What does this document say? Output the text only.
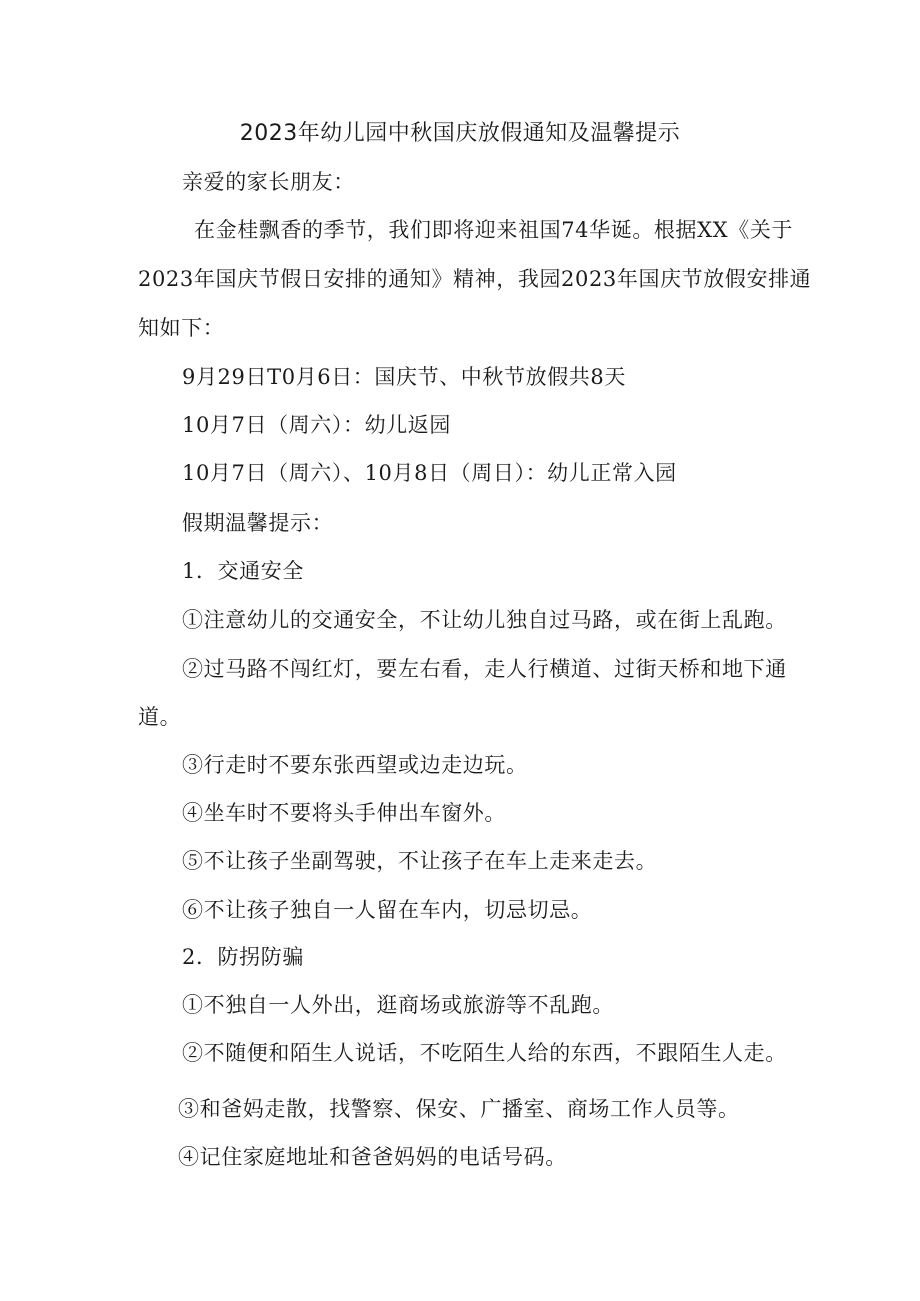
2023年幼儿园中秋国庆放假通知及温馨提示
亲爱的家长朋友：
在金桂飘香的季节，我们即将迎来祖国74华诞。根据XX《关于
2023年国庆节假日安排的通知》精神，我园2023年国庆节放假安排通
知如下：
9月29日T0月6日：国庆节、中秋节放假共8天
10月7日（周六）：幼儿返园
10月7日（周六）、10月8日（周日）：幼儿正常入园
假期温馨提示：
1．交通安全
①注意幼儿的交通安全，不让幼儿独自过马路，或在街上乱跑。
②过马路不闯红灯，要左右看，走人行横道、过街天桥和地下通
道。
③行走时不要东张西望或边走边玩。
④坐车时不要将头手伸出车窗外。
⑤不让孩子坐副驾驶，不让孩子在车上走来走去。
⑥不让孩子独自一人留在车内，切忌切忌。
2．防拐防骗
①不独自一人外出，逛商场或旅游等不乱跑。
②不随便和陌生人说话，不吃陌生人给的东西，不跟陌生人走。
③和爸妈走散，找警察、保安、广播室、商场工作人员等。
④记住家庭地址和爸爸妈妈的电话号码。
